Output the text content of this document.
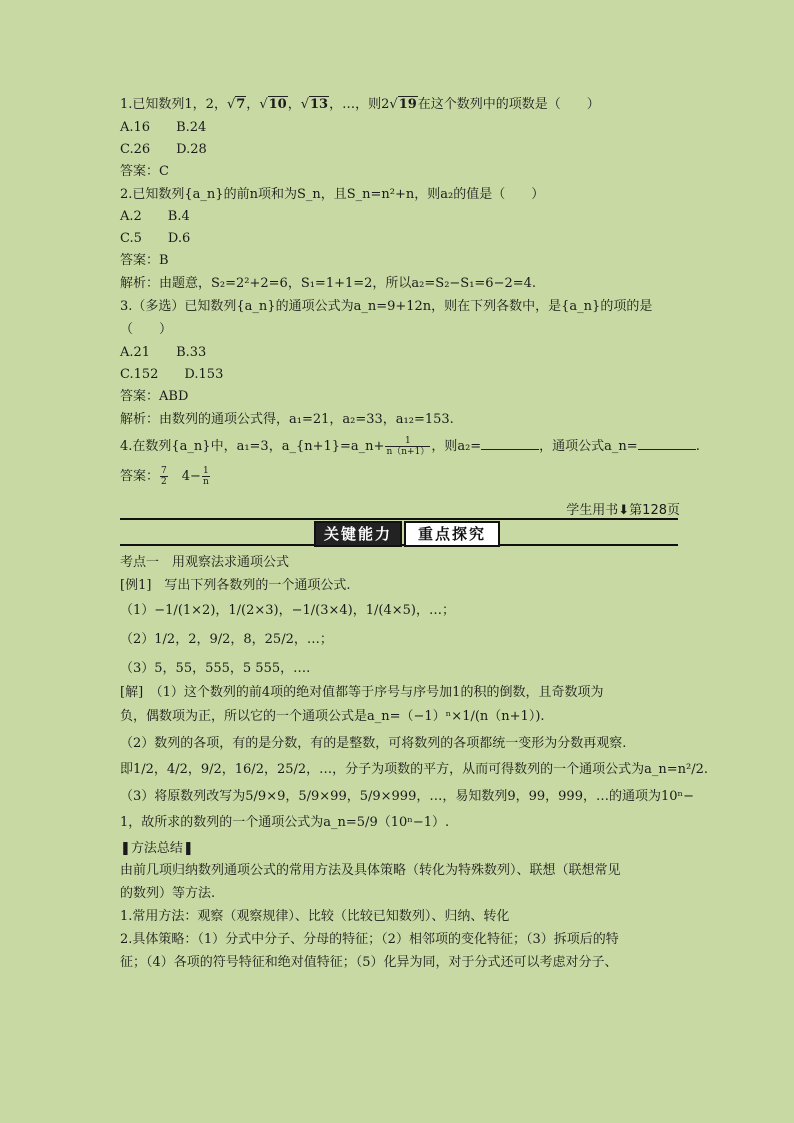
1.已知数列1，2，√7，√10，√13，…，则2√19在这个数列中的项数是（　　）
A.16　　B.24
C.26　　D.28
答案：C
2.已知数列{a_n}的前n项和为S_n，且S_n=n²+n，则a₂的值是（　　）
A.2　　B.4
C.5　　D.6
答案：B
解析：由题意，S₂=2²+2=6，S₁=1+1=2，所以a₂=S₂−S₁=6−2=4.
3.（多选）已知数列{a_n}的通项公式为a_n=9+12n，则在下列各数中，是{a_n}的项的是
（　　）
A.21　　B.33
C.152　　D.153
答案：ABD
解析：由数列的通项公式得，a₁=21，a₂=33，a₁₂=153.
4.在数列{a_n}中，a₁=3，a_{n+1}=a_n+ $\frac{1}{n(n+1)}$ ，则a₂=	，通项公式a_n=	.
答案： $\frac{7}{2}$
　 $4- \frac{1}{n}$
学生用书⬇第128页
关键能力	重点探究
考点一　用观察法求通项公式
[例1]　写出下列各数列的一个通项公式.
（1）−1/(1×2)，1/(2×3)，−1/(3×4)，1/(4×5)，…；
（2）1/2，2，9/2，8，25/2，…；
（3）5，55，555，5 555，….
[解]　（1）这个数列的前4项的绝对值都等于序号与序号加1的积的倒数，且奇数项为
负，偶数项为正，所以它的一个通项公式是a_n=（−1）ⁿ×1/(n（n+1）).
（2）数列的各项，有的是分数，有的是整数，可将数列的各项都统一变形为分数再观察.
即1/2，4/2，9/2，16/2，25/2，…，分子为项数的平方，从而可得数列的一个通项公式为a_n=n²/2.
（3）将原数列改写为5/9×9，5/9×99，5/9×999，…，易知数列9，99，999，…的通项为10ⁿ−
1，故所求的数列的一个通项公式为a_n=5/9（10ⁿ−1）.
❚方法总结❚
由前几项归纳数列通项公式的常用方法及具体策略（转化为特殊数列）、联想（联想常见
的数列）等方法.
1.常用方法：观察（观察规律）、比较（比较已知数列）、归纳、转化
2.具体策略：（1）分式中分子、分母的特征；（2）相邻项的变化特征；（3）拆项后的特
征；（4）各项的符号特征和绝对值特征；（5）化异为同，对于分式还可以考虑对分子、
